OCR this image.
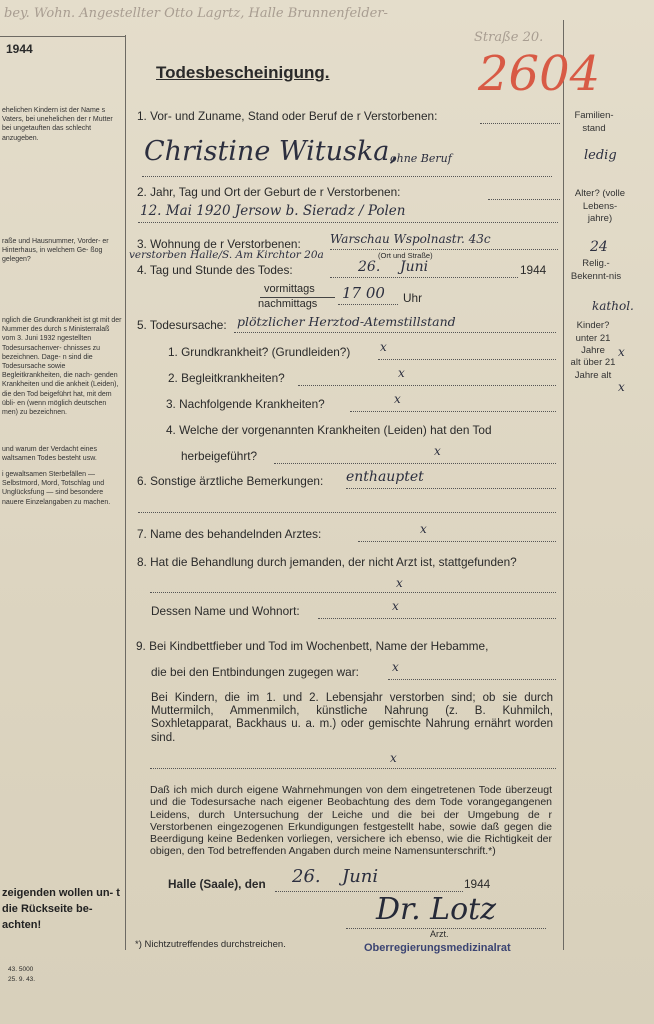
bey. Wohn. Angestellter Otto Lagrtz, Halle Brunnenfelder-
Straße 20.
1944
Todesbescheinigung.	2604
ehelichen Kindern ist der Name s Vaters, bei unehelichen der r Mutter bei ungetauften das schlecht anzugeben.
raße und Hausnummer, Vorder- er Hinterhaus, in welchem Ge- ßog gelegen?
nglich die Grundkrankheit ist gt mit der Nummer des durch s Ministerralaß vom 3. Juni 1932 ngestellten Todesursachenver- chnisses zu bezeichnen. Dage- n sind die Todesursache sowie Begleitkrankheiten, die nach- genden Krankheiten und die ankheit (Leiden), die den Tod beigeführt hat, mit dem übli- en (wenn möglich deutschen men) zu bezeichnen.
und warum der Verdacht eines waltsamen Todes besteht usw.
i gewaltsamen Sterbefällen — Selbstmord, Mord, Totschlag und Unglücksfung — sind besondere nauere Einzelangaben zu machen.
zeigenden wollen un- t die Rückseite be- achten!
43. 5000
25. 9. 43.
Familien-stand
ledig
Alter? (volle Lebens-jahre)
24
Relig.-Bekennt-nis
kathol.
Kinder? unter 21 Jahre	x
alt über 21 Jahre alt
x
1. Vor- und Zuname, Stand oder Beruf de r Verstorbenen:
Christine Wituska,
ohne Beruf
2. Jahr, Tag und Ort der Geburt de r Verstorbenen:
12. Mai 1920 Jersow b. Sieradz / Polen
3. Wohnung de r Verstorbenen: Warschau Wspolnastr. 43c
verstorben Halle/S. Am Kirchtor 20a	(Ort und Straße)
4. Tag und Stunde des Todes:	26. Juni	1944
vormittags
nachmittags
17 00 Uhr
5. Todesursache: plötzlicher Herztod-Atemstillstand
1. Grundkrankheit? (Grundleiden?) x
2. Begleitkrankheiten?	x
3. Nachfolgende Krankheiten?	x
4. Welche der vorgenannten Krankheiten (Leiden) hat den Tod
herbeigeführt?	x
6. Sonstige ärztliche Bemerkungen: enthauptet
7. Name des behandelnden Arztes:	x
8. Hat die Behandlung durch jemanden, der nicht Arzt ist, stattgefunden?
x
Dessen Name und Wohnort:	x
9. Bei Kindbettfieber und Tod im Wochenbett, Name der Hebamme,
die bei den Entbindungen zugegen war:	x
Bei Kindern, die im 1. und 2. Lebensjahr verstorben sind; ob sie durch Muttermilch, Ammenmilch, künstliche Nahrung (z. B. Kuhmilch, Soxhletapparat, Backhaus u. a. m.) oder gemischte Nahrung ernährt worden sind.
x
Daß ich mich durch eigene Wahrnehmungen von dem eingetretenen Tode überzeugt und die Todesursache nach eigener Beobachtung des dem Tode vorangegangenen Leidens, durch Untersuchung der Leiche und die bei der Umgebung de r Verstorbenen eingezogenen Erkundigungen festgestellt habe, sowie daß gegen die Beerdigung keine Bedenken vorliegen, versichere ich ebenso, wie die Richtigkeit der obigen, den Tod betreffenden Angaben durch meine Namensunterschrift.*)
Halle (Saale), den 26. Juni	1944
Dr. Lotz
Arzt.
Oberregierungsmedizinalrat
*) Nichtzutreffendes durchstreichen.
